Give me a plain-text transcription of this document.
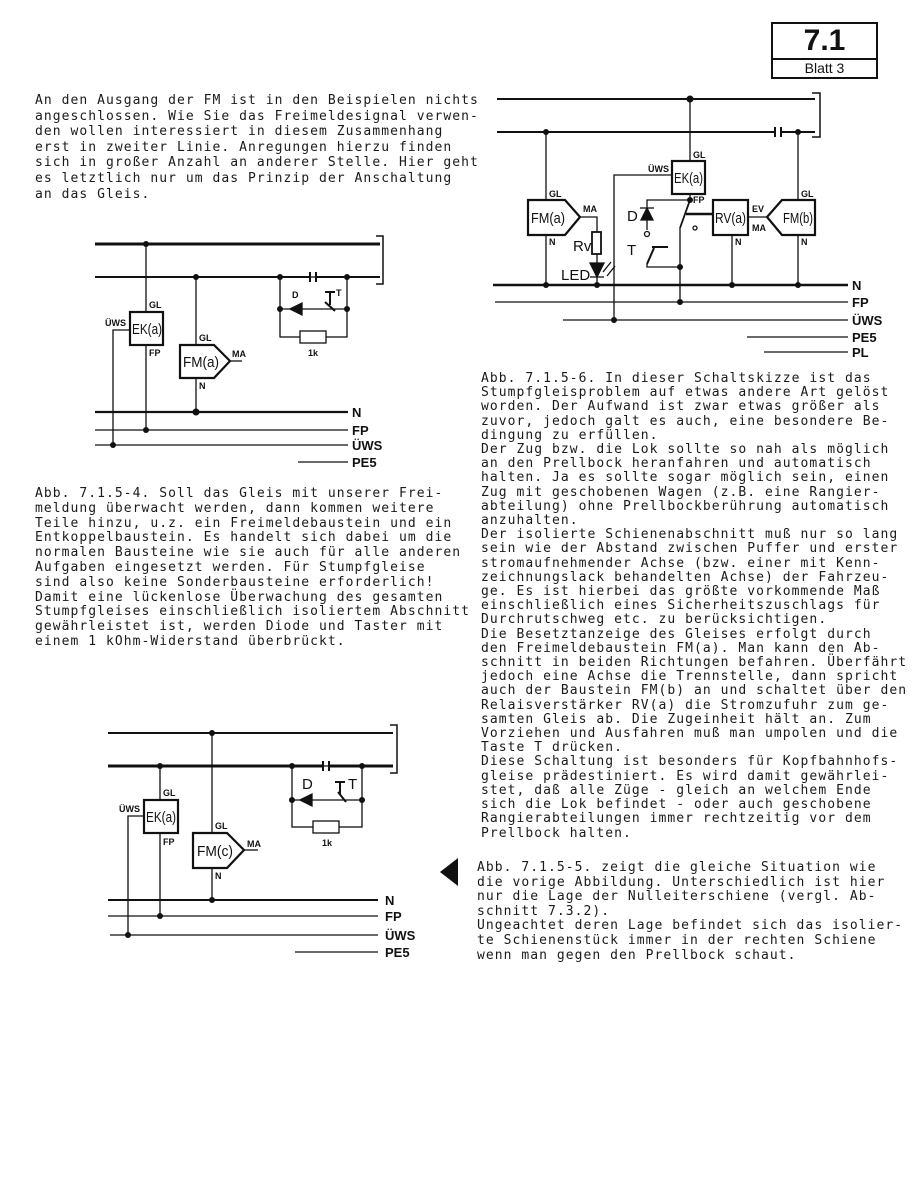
7.1
Blatt 3
An den Ausgang der FM ist in den Beispielen nichts
angeschlossen. Wie Sie das Freimeldesignal verwen-
den wollen interessiert in diesem Zusammenhang
erst in zweiter Linie. Anregungen hierzu finden
sich in großer Anzahl an anderer Stelle. Hier geht
es letztlich nur um das Prinzip der Anschaltung
an das Gleis.
Abb. 7.1.5-4. Soll das Gleis mit unserer Frei-
meldung überwacht werden, dann kommen weitere
Teile hinzu, u.z. ein Freimeldebaustein und ein
Entkoppelbaustein. Es handelt sich dabei um die
normalen Bausteine wie sie auch für alle anderen
Aufgaben eingesetzt werden. Für Stumpfgleise
sind also keine Sonderbausteine erforderlich!
Damit eine lückenlose Überwachung des gesamten
Stumpfgleises einschließlich isoliertem Abschnitt
gewährleistet ist, werden Diode und Taster mit
einem 1 kOhm-Widerstand überbrückt.
Abb. 7.1.5-6. In dieser Schaltskizze ist das
Stumpfgleisproblem auf etwas andere Art gelöst
worden. Der Aufwand ist zwar etwas größer als
zuvor, jedoch galt es auch, eine besondere Be-
dingung zu erfüllen.
Der Zug bzw. die Lok sollte so nah als möglich
an den Prellbock heranfahren und automatisch
halten. Ja es sollte sogar möglich sein, einen
Zug mit geschobenen Wagen (z.B. eine Rangier-
abteilung) ohne Prellbockberührung automatisch
anzuhalten.
Der isolierte Schienenabschnitt muß nur so lang
sein wie der Abstand zwischen Puffer und erster
stromaufnehmender Achse (bzw. einer mit Kenn-
zeichnungslack behandelten Achse) der Fahrzeu-
ge. Es ist hierbei das größte vorkommende Maß
einschließlich eines Sicherheitszuschlags für
Durchrutschweg etc. zu berücksichtigen.
Die Besetztanzeige des Gleises erfolgt durch
den Freimeldebaustein FM(a). Man kann den Ab-
schnitt in beiden Richtungen befahren. Überfährt
jedoch eine Achse die Trennstelle, dann spricht
auch der Baustein FM(b) an und schaltet über den
Relaisverstärker RV(a) die Stromzufuhr zum ge-
samten Gleis ab. Die Zugeinheit hält an. Zum
Vorziehen und Ausfahren muß man umpolen und die
Taste T drücken.
Diese Schaltung ist besonders für Kopfbahnhofs-
gleise prädestiniert. Es wird damit gewährlei-
stet, daß alle Züge - gleich an welchem Ende
sich die Lok befindet - oder auch geschobene
Rangierabteilungen immer rechtzeitig vor dem
Prellbock halten.
Abb. 7.1.5-5. zeigt die gleiche Situation wie
die vorige Abbildung. Unterschiedlich ist hier
nur die Lage der Nulleiterschiene (vergl. Ab-
schnitt 7.3.2).
Ungeachtet deren Lage befindet sich das isolier-
te Schienenstück immer in der rechten Schiene
wenn man gegen den Prellbock schaut.
EK(a)
GL
FP
ÜWS
FM(a)
GL
N
MA
D	T
1k
N
FP
ÜWS
PE5
EK(a)
GL
FP
ÜWS
FM(a)
GL
N
MA
Rv
LED
D
T
RV(a)
N
EV
MA
FM(b)
GL
N
N
FP
ÜWS
PE5
PL
EK(a)
GL
FP
ÜWS
FM(c)
GL
N
MA
D T
1k
N
FP
ÜWS
PE5
